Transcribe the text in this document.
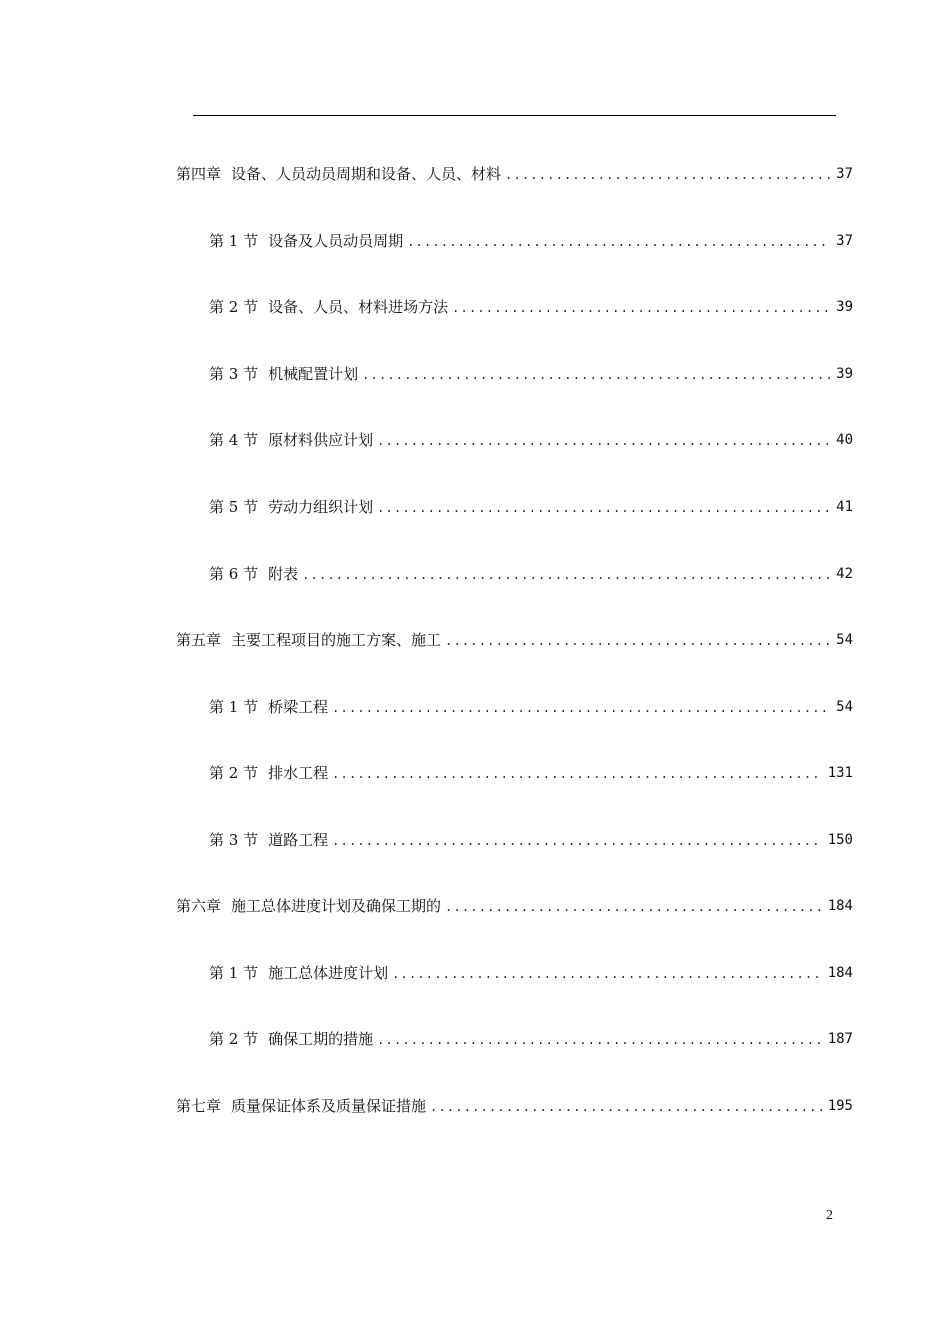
第四章 设备、人员动员周期和设备、人员、材料 .....	37
第 1 节 设备及人员动员周期 .....	37
第 2 节 设备、人员、材料进场方法 .....	39
第 3 节 机械配置计划 .....	39
第 4 节 原材料供应计划 .....	40
第 5 节 劳动力组织计划 .....	41
第 6 节 附表 .....	42
第五章 主要工程项目的施工方案、施工 .....	54
第 1 节 桥梁工程 .....	54
第 2 节 排水工程 .....	131
第 3 节 道路工程 .....	150
第六章 施工总体进度计划及确保工期的 .....	184
第 1 节 施工总体进度计划 .....	184
第 2 节 确保工期的措施 .....	187
第七章 质量保证体系及质量保证措施 .....	195
2
